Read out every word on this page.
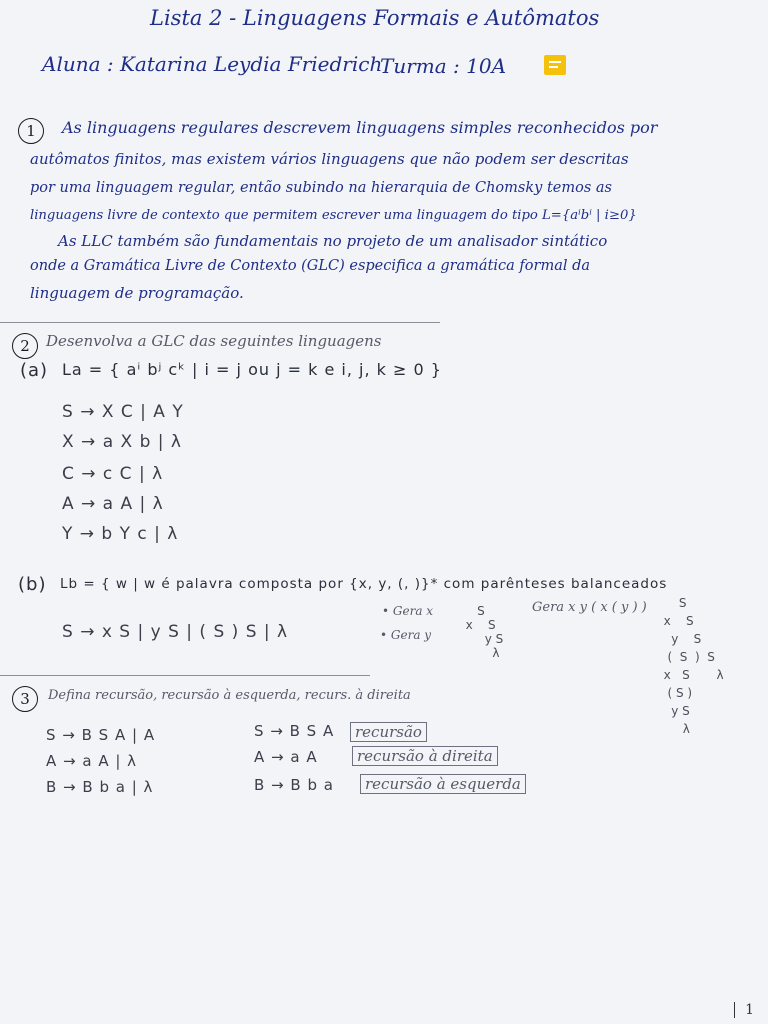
Lista 2 - Linguagens Formais e Autômatos
Aluna : Katarina Leydia Friedrich
Turma : 10A
1	As linguagens regulares descrevem linguagens simples reconhecidos por
autômatos finitos, mas existem vários linguagens que não podem ser descritas
por uma linguagem regular, então subindo na hierarquia de Chomsky temos as
linguagens livre de contexto que permitem escrever uma linguagem do tipo L={aⁱbⁱ | i≥0}
As LLC também são fundamentais no projeto de um analisador sintático
onde a Gramática Livre de Contexto (GLC) especifica a gramática formal da
linguagem de programação.
2	Desenvolva a GLC das seguintes linguagens
(a) La = { aⁱ bʲ cᵏ | i = j ou j = k e i, j, k ≥ 0 }
S → X C | A Y
X → a X b | λ
C → c C | λ
A → a A | λ
Y → b Y c | λ
(b) Lb = { w | w é palavra composta por {x, y, (, )}* com parênteses balanceados
S → x S | y S | ( S ) S | λ
• Gera x
• Gera y
Gera x y ( x ( y ) )
S
x    S
y S
λ
S
x    S
y    S
(  S  )  S
x   S       λ
( S )
y S
λ
3	Defina recursão, recursão à esquerda, recurs. à direita
S → B S A | A
A → a A | λ
B → B b a | λ
S → B S A
A → a A
B → B b a
recursão
recursão à direita
recursão à esquerda
1
